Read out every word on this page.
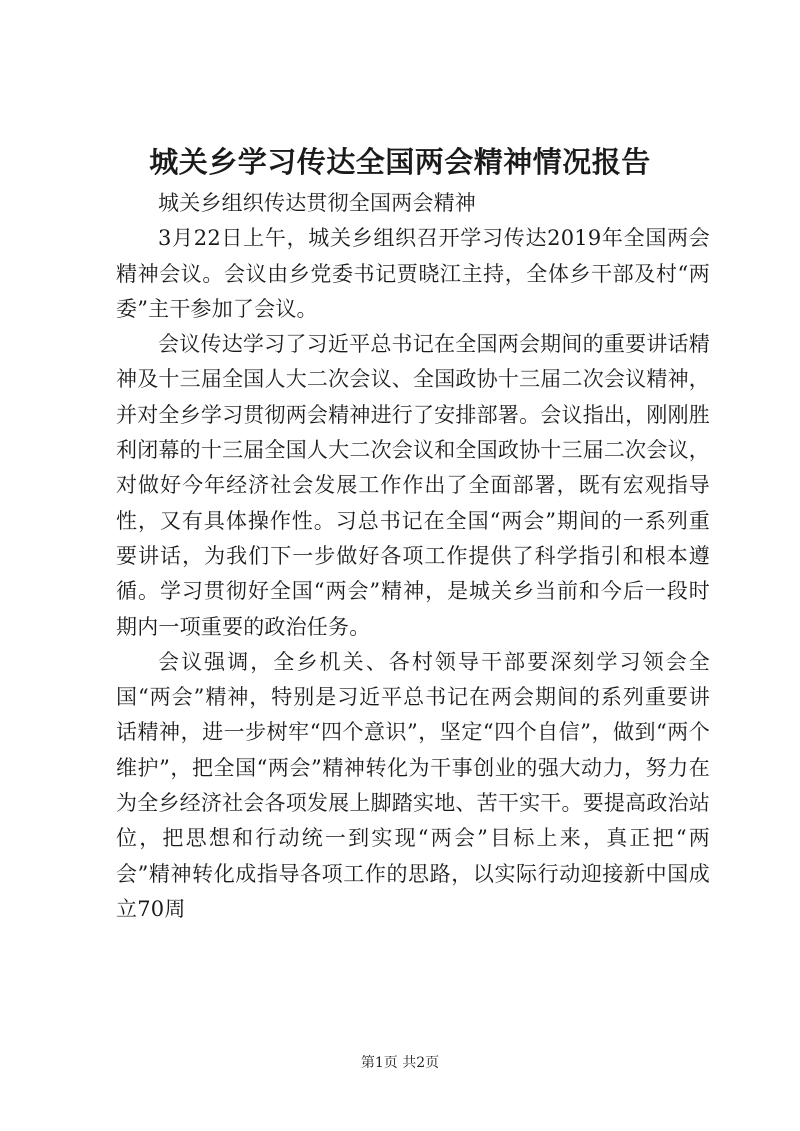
城关乡学习传达全国两会精神情况报告

城关乡组织传达贯彻全国两会精神

3月22日上午，城关乡组织召开学习传达2019年全国两会精神会议。会议由乡党委书记贾晓江主持，全体乡干部及村“两委”主干参加了会议。

会议传达学习了习近平总书记在全国两会期间的重要讲话精神及十三届全国人大二次会议、全国政协十三届二次会议精神，并对全乡学习贯彻两会精神进行了安排部署。会议指出，刚刚胜利闭幕的十三届全国人大二次会议和全国政协十三届二次会议，对做好今年经济社会发展工作作出了全面部署，既有宏观指导性，又有具体操作性。习总书记在全国“两会”期间的一系列重要讲话，为我们下一步做好各项工作提供了科学指引和根本遵循。学习贯彻好全国“两会”精神，是城关乡当前和今后一段时期内一项重要的政治任务。

会议强调，全乡机关、各村领导干部要深刻学习领会全国“两会”精神，特别是习近平总书记在两会期间的系列重要讲话精神，进一步树牢“四个意识”，坚定“四个自信”，做到“两个维护”，把全国“两会”精神转化为干事创业的强大动力，努力在为全乡经济社会各项发展上脚踏实地、苦干实干。要提高政治站位，把思想和行动统一到实现“两会”目标上来，真正把“两会”精神转化成指导各项工作的思路，以实际行动迎接新中国成立70周

第1页 共2页
